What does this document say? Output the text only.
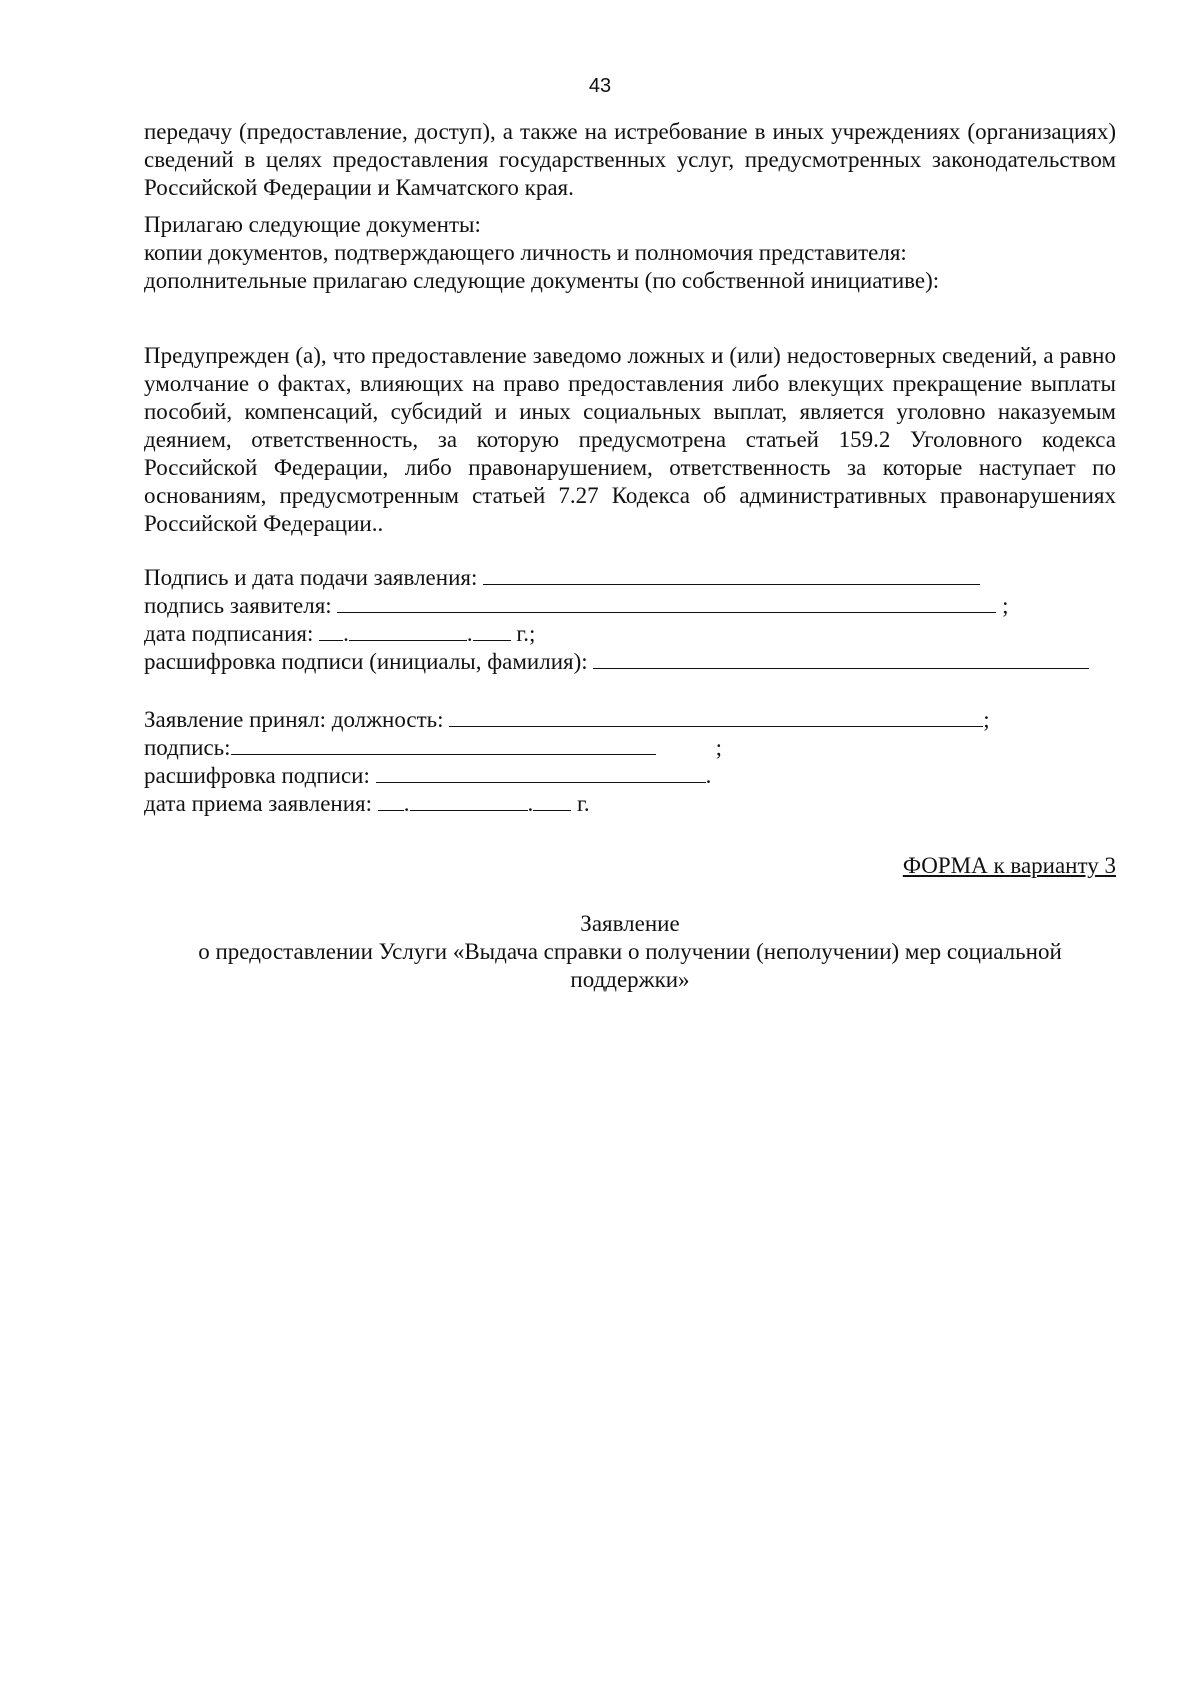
43
передачу (предоставление, доступ), а также на истребование в иных учреждениях (организациях) сведений в целях предоставления государственных услуг, предусмотренных законодательством Российской Федерации и Камчатского края.
Прилагаю следующие документы:
копии документов, подтверждающего личность и полномочия представителя:
дополнительные прилагаю следующие документы (по собственной инициативе):
Предупрежден (а), что предоставление заведомо ложных и (или) недостоверных сведений, а равно умолчание о фактах, влияющих на право предоставления либо влекущих прекращение выплаты пособий, компенсаций, субсидий и иных социальных выплат, является уголовно наказуемым деянием, ответственность, за которую предусмотрена статьей 159.2 Уголовного кодекса Российской Федерации, либо правонарушением, ответственность за которые наступает по основаниям, предусмотренным статьей 7.27 Кодекса об административных правонарушениях Российской Федерации..
Подпись и дата подачи заявления:
подпись заявителя:	;
дата подписания: .	. г.;
расшифровка подписи (инициалы, фамилия):
Заявление принял: должность:	;
подпись:	;
расшифровка подписи:	.
дата приема заявления: .	. г.
ФОРМА к варианту 3
Заявление
о предоставлении Услуги «Выдача справки о получении (неполучении) мер социальной поддержки»
